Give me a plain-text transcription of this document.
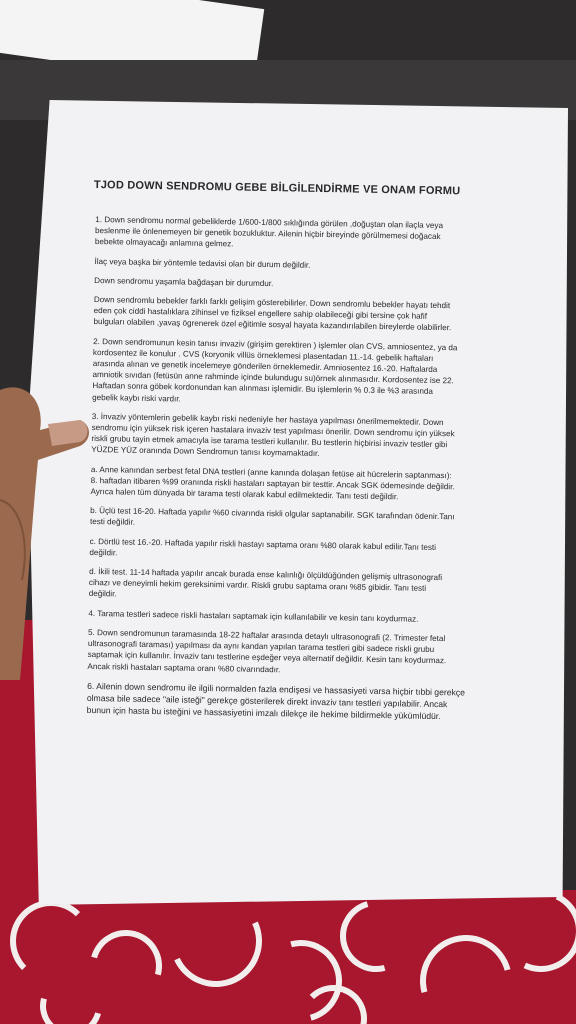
TJOD DOWN SENDROMU GEBE BİLGİLENDİRME VE ONAM FORMU
1. Down sendromu normal gebeliklerde 1/600-1/800 sıklığında görülen ,doğuştan olan ilaçla veya
beslenme ile önlenemeyen bir genetik bozukluktur. Ailenin hiçbir bireyinde görülmemesi doğacak
bebekte olmayacağı anlamına gelmez.
İlaç veya başka bir yöntemle tedavisi olan bir durum değildir.
Down sendromu yaşamla bağdaşan bir durumdur.
Down sendromlu bebekler farklı farklı gelişim gösterebilirler. Down sendromlu bebekler hayatı tehdit
eden çok ciddi hastalıklara zihinsel ve fiziksel engellere sahip olabileceği gibi tersine çok hafif
bulguları olabilen ,yavaş ögrenerek özel eğitimle sosyal hayata kazandırılabilen bireylerde olabilirler.
2. Down sendromunun kesin tanısı invaziv (girişim gerektiren ) işlemler olan CVS, amniosentez, ya da
kordosentez ile konulur . CVS (koryonik villüs örneklemesi plasentadan 11.-14. gebelik haftaları
arasında alınan ve genetik incelemeye gönderilen örneklemedir. Amniosentez 16.-20. Haftalarda
amniotik sıvıdan (fetüsün anne rahminde içinde bulundugu su)örnek alınmasıdır. Kordosentez ise 22.
Haftadan sonra göbek kordonundan kan alınması işlemidir. Bu işlemlerin % 0.3 ile %3 arasında
gebelik kaybı riski vardır.
3. İnvaziv yöntemlerin gebelik kaybı riski nedeniyle her hastaya yapılması önerilmemektedir. Down
sendromu için yüksek risk içeren hastalara invaziv test yapılması önerilir. Down sendromu için yüksek
riskli grubu tayin etmek amacıyla ise tarama testleri kullanılır. Bu testlerin hiçbirisi invaziv testler gibi
YÜZDE YÜZ oranında Down Sendromun tanısı koymamaktadır.
a. Anne kanından serbest fetal DNA testleri (anne kanında dolaşan fetüse ait hücrelerin saptanması):
8. haftadan itibaren %99 oranında riskli hastaları saptayan bir testtir. Ancak SGK ödemesinde değildir.
Ayrıca halen tüm dünyada bir tarama testi olarak kabul edilmektedir. Tanı testi değildir.
b. Üçlü test 16-20. Haftada yapılır %60 civarında riskli olgular saptanabilir. SGK tarafından ödenir.Tanı
testi değildir.
c. Dörtlü test 16.-20. Haftada yapılır riskli hastayı saptama oranı %80 olarak kabul edilir.Tanı testi
değildir.
d. İkili test. 11-14 haftada yapılır ancak burada ense kalınlığı ölçüldüğünden gelişmiş ultrasonografi
cihazı ve deneyimli hekim gereksinimi vardır. Riskli grubu saptama oranı %85 gibidir. Tanı testi
değildir.
4. Tarama testleri sadece riskli hastaları saptamak için kullanılabilir ve kesin tanı koydurmaz.
5. Down sendromunun taramasında 18-22 haftalar arasında detaylı ultrasonografi (2. Trimester fetal
ultrasonografi taraması) yapılması da aynı kandan yapılan tarama testleri gibi sadece riskli grubu
saptamak için kullanılır. İnvaziv tanı testlerine eşdeğer veya alternatif değildir. Kesin tanı koydurmaz.
Ancak riskli hastaları saptama oranı %80 civarındadır.
6. Ailenin down sendromu ile ilgili normalden fazla endişesi ve hassasiyeti varsa hiçbir tıbbi gerekçe
olmasa bile sadece "aile isteği" gerekçe gösterilerek direkt invaziv tanı testleri yapılabilir. Ancak
bunun için hasta bu isteğini ve hassasiyetini imzalı dilekçe ile hekime bildirmekle yükümlüdür.
